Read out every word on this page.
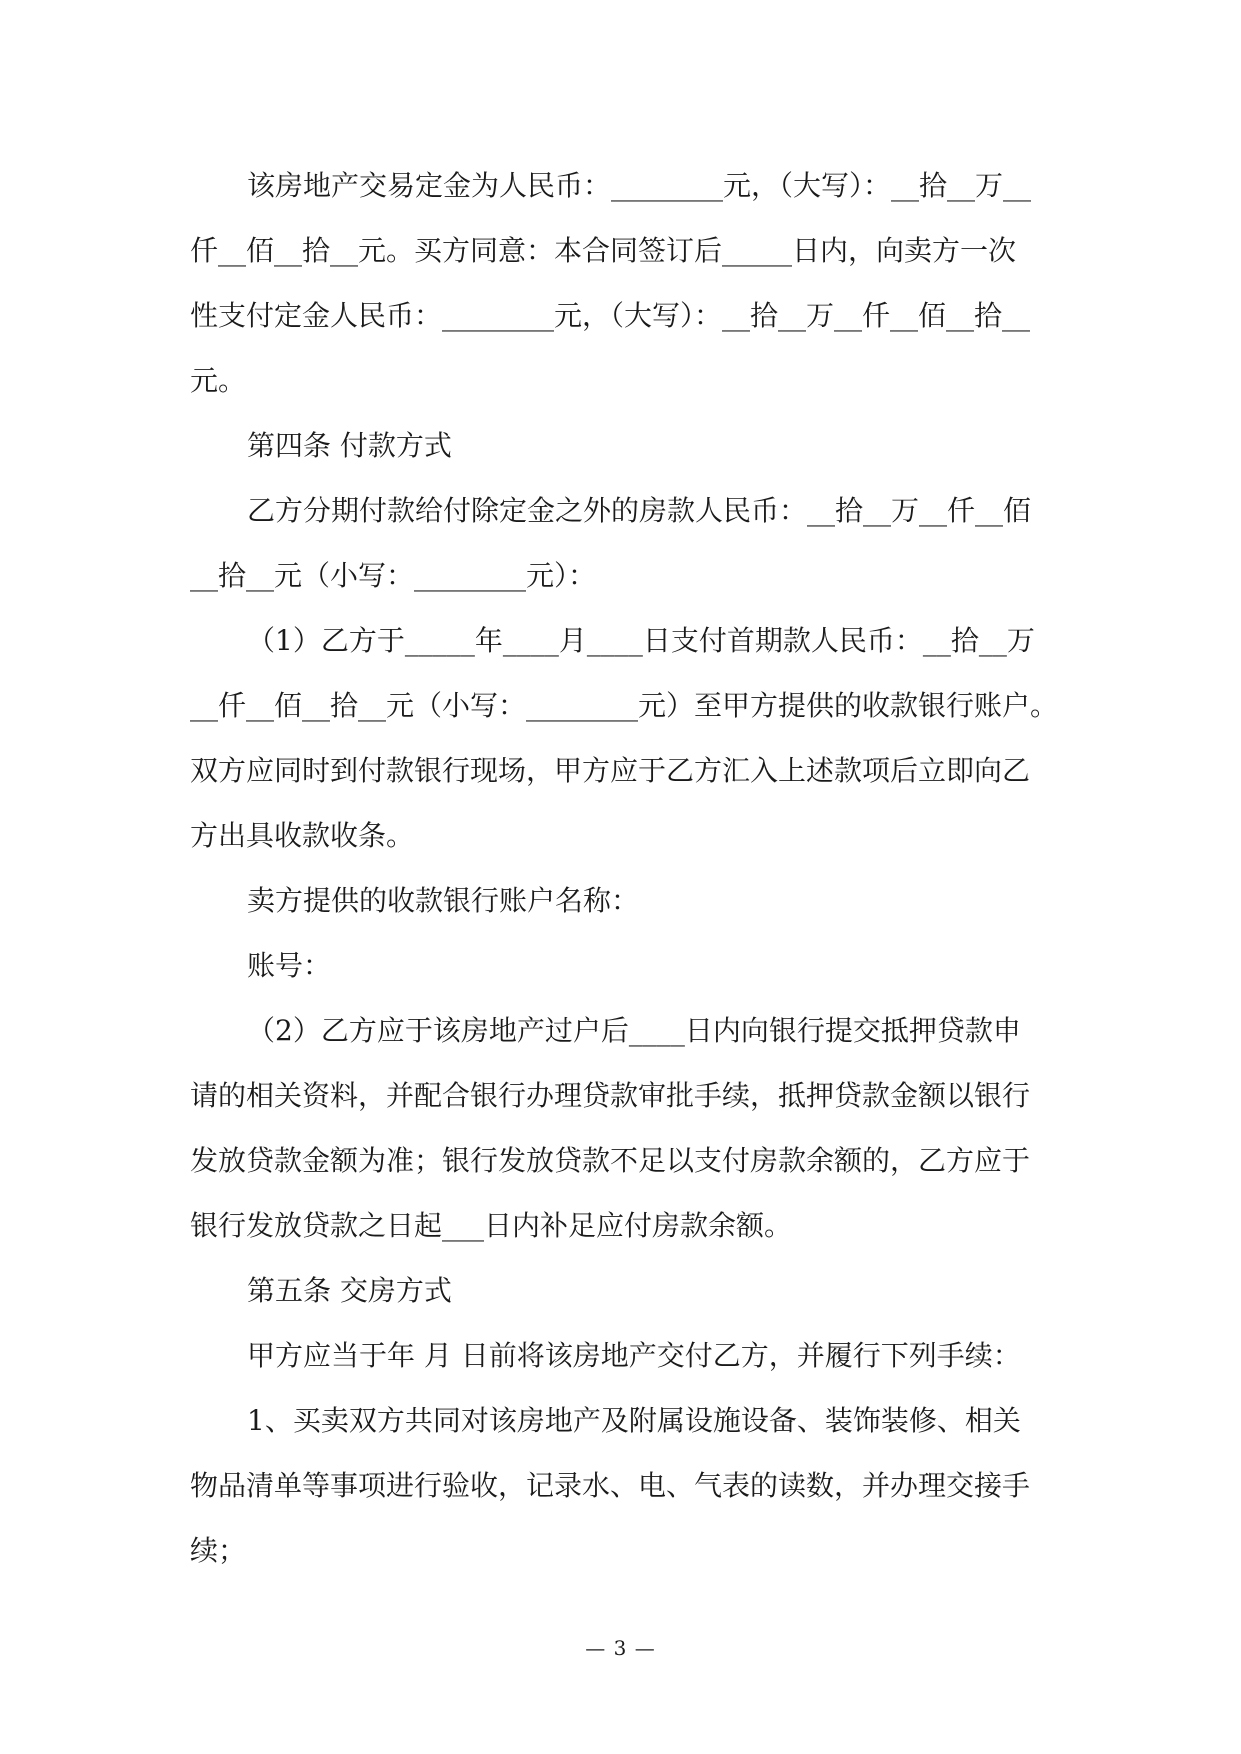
该房地产交易定金为人民币：________元，（大写）：__拾__万__
仟__佰__拾__元。买方同意：本合同签订后_____日内，向卖方一次
性支付定金人民币：________元，（大写）：__拾__万__仟__佰__拾__
元。
第四条 付款方式
乙方分期付款给付除定金之外的房款人民币：__拾__万__仟__佰
__拾__元（小写：________元）：
（1）乙方于_____年____月____日支付首期款人民币：__拾__万
__仟__佰__拾__元（小写：________元）至甲方提供的收款银行账户。
双方应同时到付款银行现场，甲方应于乙方汇入上述款项后立即向乙
方出具收款收条。
卖方提供的收款银行账户名称：
账号：
（2）乙方应于该房地产过户后____日内向银行提交抵押贷款申
请的相关资料，并配合银行办理贷款审批手续，抵押贷款金额以银行
发放贷款金额为准；银行发放贷款不足以支付房款余额的，乙方应于
银行发放贷款之日起___日内补足应付房款余额。
第五条 交房方式
甲方应当于年 月 日前将该房地产交付乙方，并履行下列手续：
1、买卖双方共同对该房地产及附属设施设备、装饰装修、相关
物品清单等事项进行验收，记录水、电、气表的读数，并办理交接手
续；
— 3 —
